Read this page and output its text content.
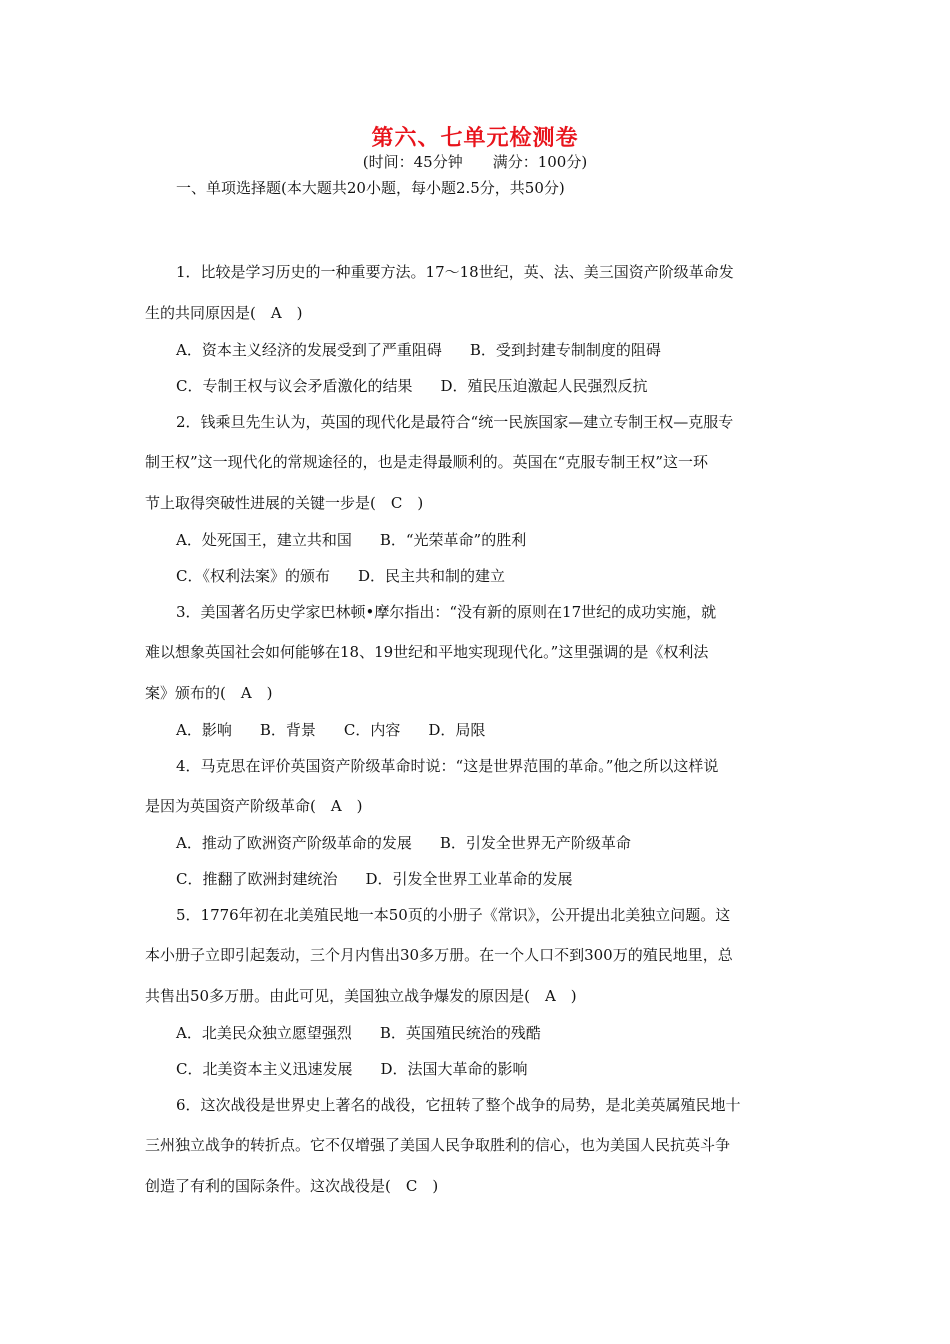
第六、七单元检测卷
(时间：45分钟　　满分：100分)
一、单项选择题(本大题共20小题，每小题2.5分，共50分)
1．比较是学习历史的一种重要方法。17～18世纪，英、法、美三国资产阶级革命发
生的共同原因是(　A　)
A．资本主义经济的发展受到了严重阻碍 B．受到封建专制制度的阻碍
C．专制王权与议会矛盾激化的结果 D．殖民压迫激起人民强烈反抗
2．钱乘旦先生认为，英国的现代化是最符合“统一民族国家—建立专制王权—克服专
制王权”这一现代化的常规途径的，也是走得最顺利的。英国在“克服专制王权”这一环
节上取得突破性进展的关键一步是(　C　)
A．处死国王，建立共和国 B．“光荣革命”的胜利
C．《权利法案》的颁布 D．民主共和制的建立
3．美国著名历史学家巴林顿•摩尔指出：“没有新的原则在17世纪的成功实施，就
难以想象英国社会如何能够在18、19世纪和平地实现现代化。”这里强调的是《权利法
案》颁布的(　A　)
A．影响 B．背景 C．内容 D．局限
4．马克思在评价英国资产阶级革命时说：“这是世界范围的革命。”他之所以这样说
是因为英国资产阶级革命(　A　)
A．推动了欧洲资产阶级革命的发展 B．引发全世界无产阶级革命
C．推翻了欧洲封建统治 D．引发全世界工业革命的发展
5．1776年初在北美殖民地一本50页的小册子《常识》，公开提出北美独立问题。这
本小册子立即引起轰动，三个月内售出30多万册。在一个人口不到300万的殖民地里，总
共售出50多万册。由此可见，美国独立战争爆发的原因是(　A　)
A．北美民众独立愿望强烈 B．英国殖民统治的残酷
C．北美资本主义迅速发展 D．法国大革命的影响
6．这次战役是世界史上著名的战役，它扭转了整个战争的局势，是北美英属殖民地十
三州独立战争的转折点。它不仅增强了美国人民争取胜利的信心，也为美国人民抗英斗争
创造了有利的国际条件。这次战役是(　C　)
